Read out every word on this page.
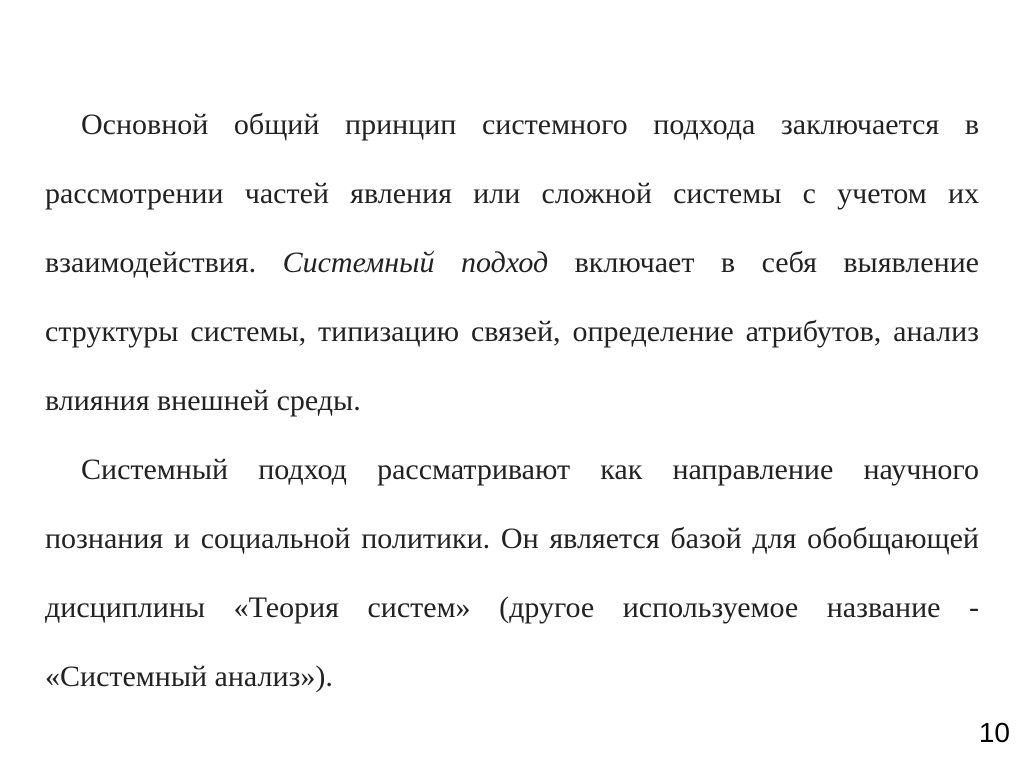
Основной общий принцип системного подхода заключается в рассмотрении частей явления или сложной системы с учетом их взаимодействия. Системный подход включает в себя выявление структуры системы, типизацию связей, определение атрибутов, анализ влияния внешней среды.

Системный подход рассматривают как направление научного познания и социальной политики. Он является базой для обобщающей дисциплины «Теория систем» (другое используемое название - «Системный анализ»).

10
